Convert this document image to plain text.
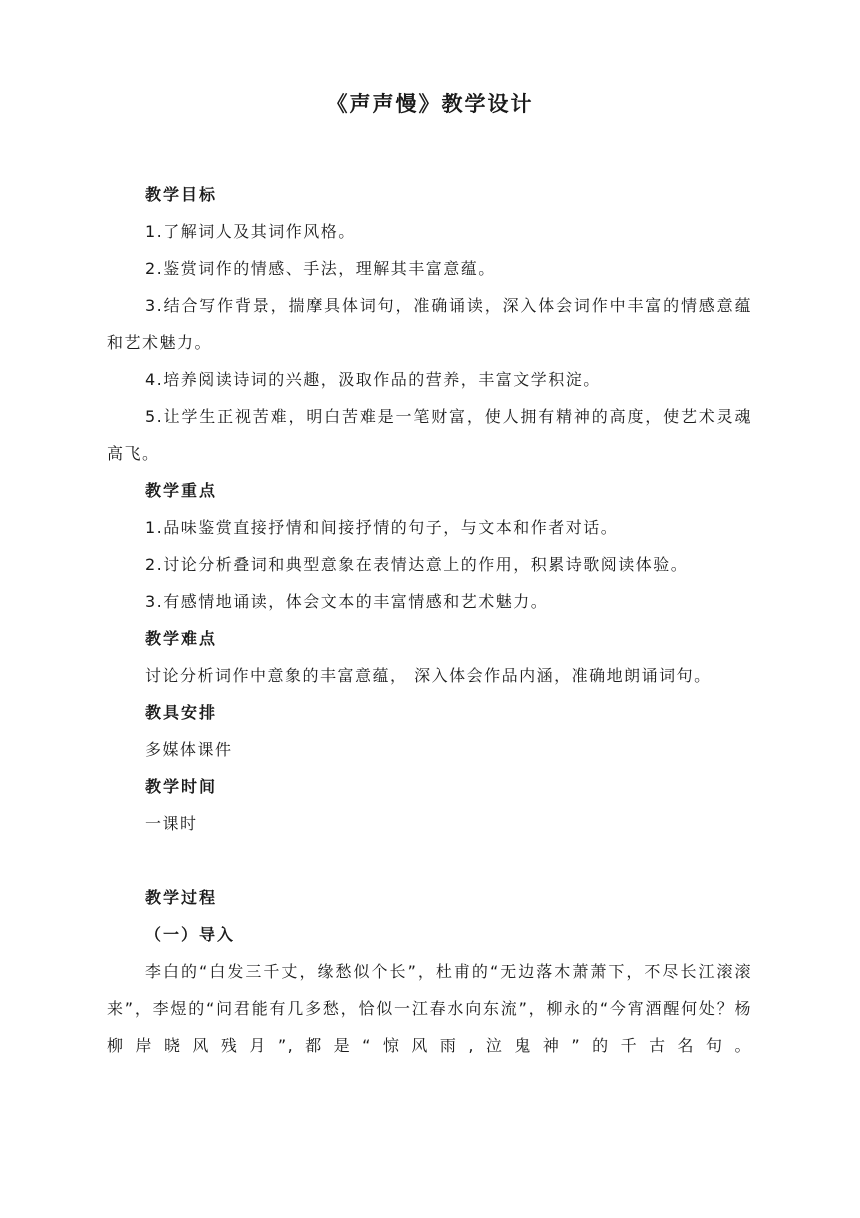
《声声慢》教学设计
教学目标

1.了解词人及其词作风格。

2.鉴赏词作的情感、手法，理解其丰富意蕴。

3.结合写作背景，揣摩具体词句，准确诵读，深入体会词作中丰富的情感意蕴和艺术魅力。

4.培养阅读诗词的兴趣，汲取作品的营养，丰富文学积淀。

5.让学生正视苦难，明白苦难是一笔财富，使人拥有精神的高度，使艺术灵魂高飞。

教学重点

1.品味鉴赏直接抒情和间接抒情的句子，与文本和作者对话。

2.讨论分析叠词和典型意象在表情达意上的作用，积累诗歌阅读体验。

3.有感情地诵读，体会文本的丰富情感和艺术魅力。

教学难点

讨论分析词作中意象的丰富意蕴， 深入体会作品内涵，准确地朗诵词句。

教具安排

多媒体课件

教学时间

一课时

教学过程
（一）导入

李白的“白发三千丈，缘愁似个长”，杜甫的“无边落木萧萧下，不尽长江滚滚来”，李煜的“问君能有几多愁，恰似一江春水向东流”，柳永的“今宵酒醒何处？杨柳岸晓风残月”,都是“惊风雨,泣鬼神”的千古名句。
